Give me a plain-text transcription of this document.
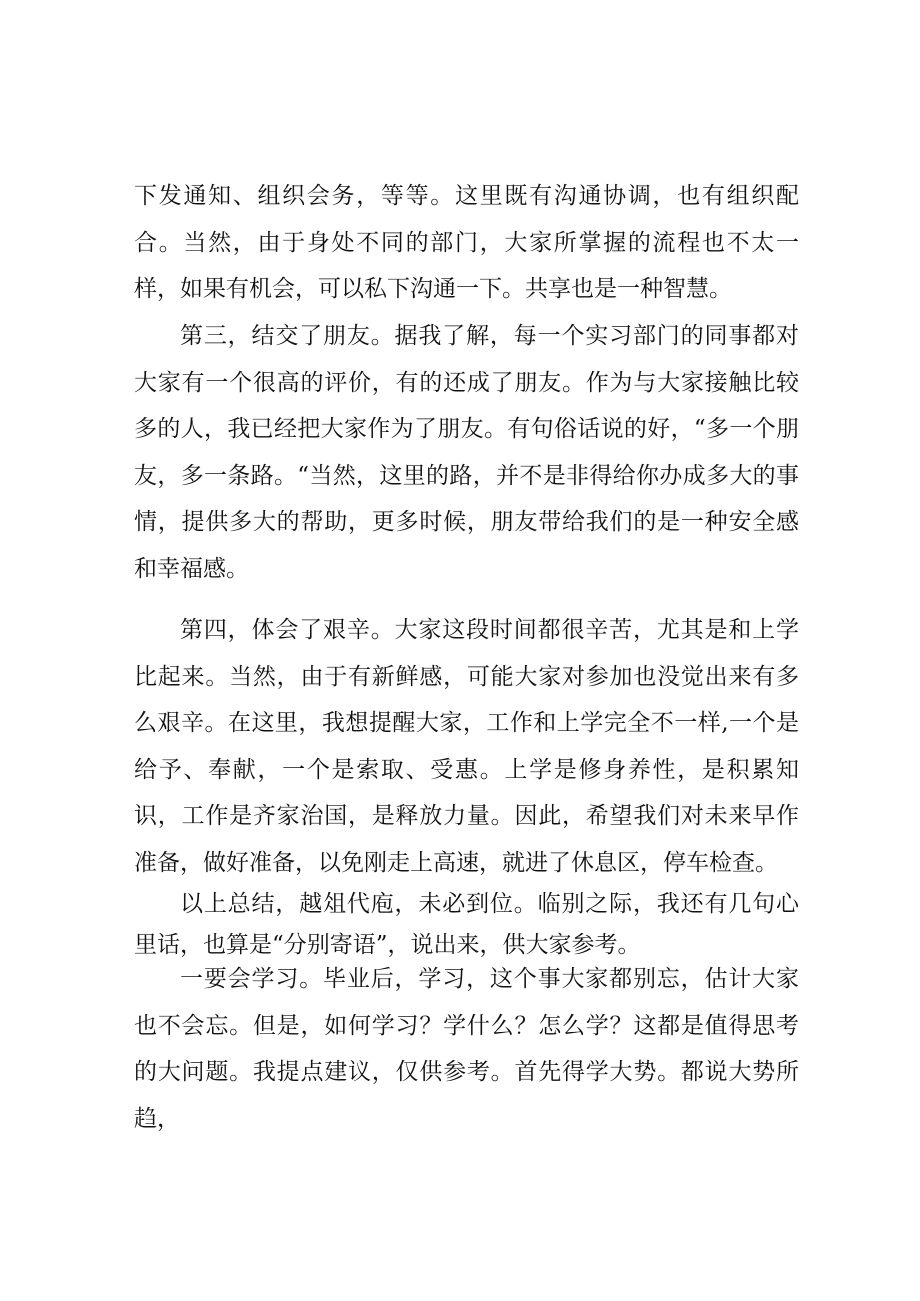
下发通知、组织会务，等等。这里既有沟通协调，也有组织配合。当然，由于身处不同的部门，大家所掌握的流程也不太一样，如果有机会，可以私下沟通一下。共享也是一种智慧。

第三，结交了朋友。据我了解，每一个实习部门的同事都对大家有一个很高的评价，有的还成了朋友。作为与大家接触比较多的人，我已经把大家作为了朋友。有句俗话说的好，“多一个朋友，多一条路。“当然，这里的路，并不是非得给你办成多大的事情，提供多大的帮助，更多时候，朋友带给我们的是一种安全感和幸福感。

第四，体会了艰辛。大家这段时间都很辛苦，尤其是和上学比起来。当然，由于有新鲜感，可能大家对参加也没觉出来有多么艰辛。在这里，我想提醒大家，工作和上学完全不一样,一个是给予、奉献，一个是索取、受惠。上学是修身养性，是积累知识，工作是齐家治国，是释放力量。因此，希望我们对未来早作准备，做好准备，以免刚走上高速，就进了休息区，停车检查。

以上总结，越俎代庖，未必到位。临别之际，我还有几句心里话，也算是“分别寄语”，说出来，供大家参考。

一要会学习。毕业后，学习，这个事大家都别忘，估计大家也不会忘。但是，如何学习？学什么？怎么学？这都是值得思考的大问题。我提点建议，仅供参考。首先得学大势。都说大势所趋，
